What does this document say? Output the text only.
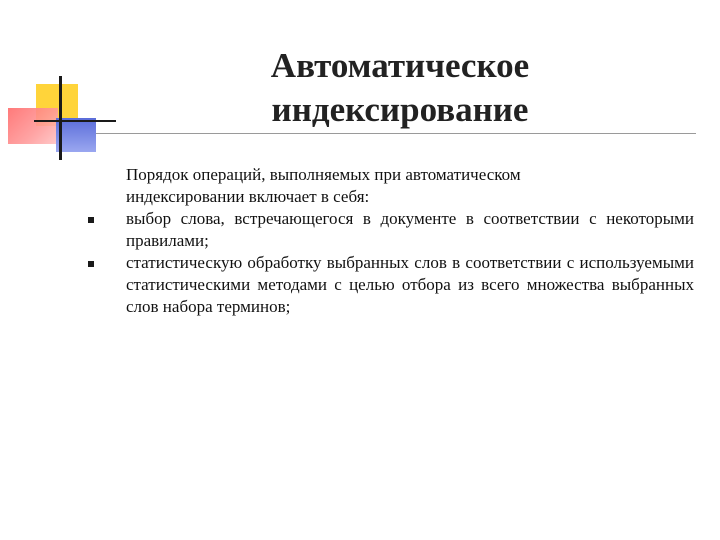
Автоматическое
индексирование

Порядок операций, выполняемых при автоматическом
индексировании включает в себя:

выбор слова, встречающегося в документе в соответствии с некоторыми правилами;
статистическую обработку выбранных слов в соответствии с используемыми статистическими методами с целью отбора из всего множества выбранных слов набора терминов;
